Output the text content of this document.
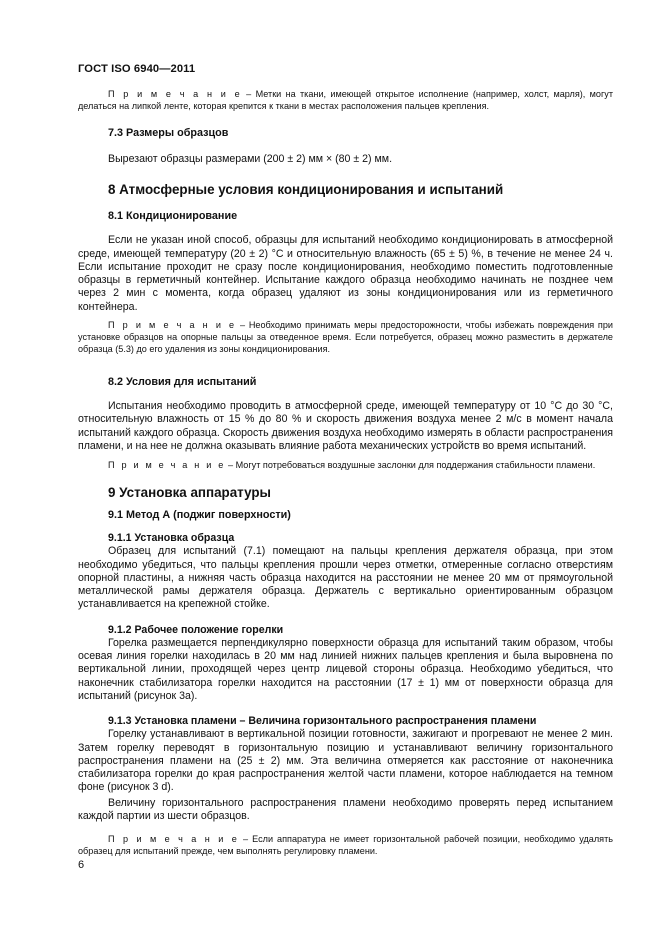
ГОСТ ISO 6940—2011

П р и м е ч а н и е – Метки на ткани, имеющей открытое исполнение (например, холст, марля), могут делаться на липкой ленте, которая крепится к ткани в местах расположения пальцев крепления.

7.3 Размеры образцов

Вырезают образцы размерами (200 ± 2) мм × (80 ± 2) мм.

8 Атмосферные условия кондиционирования и испытаний

8.1 Кондиционирование

Если не указан иной способ, образцы для испытаний необходимо кондиционировать в атмосферной среде, имеющей температуру (20 ± 2) °С и относительную влажность (65 ± 5) %, в течение не менее 24 ч. Если испытание проходит не сразу после кондиционирования, необходимо поместить подготовленные образцы в герметичный контейнер. Испытание каждого образца необходимо начинать не позднее чем через 2 мин с момента, когда образец удаляют из зоны кондиционирования или из герметичного контейнера.

П р и м е ч а н и е – Необходимо принимать меры предосторожности, чтобы избежать повреждения при установке образцов на опорные пальцы за отведенное время. Если потребуется, образец можно разместить в держателе образца (5.3) до его удаления из зоны кондиционирования.

8.2 Условия для испытаний

Испытания необходимо проводить в атмосферной среде, имеющей температуру от 10 °С до 30 °С, относительную влажность от 15 % до 80 % и скорость движения воздуха менее 2 м/с в момент начала испытаний каждого образца. Скорость движения воздуха необходимо измерять в области распространения пламени, и на нее не должна оказывать влияние работа механических устройств во время испытаний.

П р и м е ч а н и е – Могут потребоваться воздушные заслонки для поддержания стабильности пламени.

9 Установка аппаратуры

9.1 Метод А (поджиг поверхности)

9.1.1 Установка образца

Образец для испытаний (7.1) помещают на пальцы крепления держателя образца, при этом необходимо убедиться, что пальцы крепления прошли через отметки, отмеренные согласно отверстиям опорной пластины, а нижняя часть образца находится на расстоянии не менее 20 мм от прямоугольной металлической рамы держателя образца. Держатель с вертикально ориентированным образцом устанавливается на крепежной стойке.

9.1.2 Рабочее положение горелки

Горелка размещается перпендикулярно поверхности образца для испытаний таким образом, чтобы осевая линия горелки находилась в 20 мм над линией нижних пальцев крепления и была выровнена по вертикальной линии, проходящей через центр лицевой стороны образца. Необходимо убедиться, что наконечник стабилизатора горелки находится на расстоянии (17 ± 1) мм от поверхности образца для испытаний (рисунок 3а).

9.1.3 Установка пламени – Величина горизонтального распространения пламени

Горелку устанавливают в вертикальной позиции готовности, зажигают и прогревают не менее 2 мин. Затем горелку переводят в горизонтальную позицию и устанавливают величину горизонтального распространения пламени на (25 ± 2) мм. Эта величина отмеряется как расстояние от наконечника стабилизатора горелки до края распространения желтой части пламени, которое наблюдается на темном фоне (рисунок 3 d).

Величину горизонтального распространения пламени необходимо проверять перед испытанием каждой партии из шести образцов.

П р и м е ч а н и е – Если аппаратура не имеет горизонтальной рабочей позиции, необходимо удалять образец для испытаний прежде, чем выполнять регулировку пламени.

6
